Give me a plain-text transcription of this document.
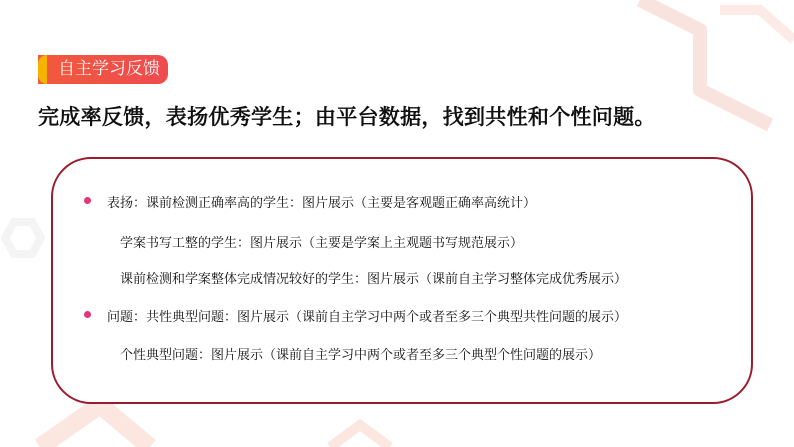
自主学习反馈
完成率反馈，表扬优秀学生；由平台数据，找到共性和个性问题。
表扬：课前检测正确率高的学生：图片展示（主要是客观题正确率高统计）
学案书写工整的学生：图片展示（主要是学案上主观题书写规范展示）
课前检测和学案整体完成情况较好的学生：图片展示（课前自主学习整体完成优秀展示）
问题：共性典型问题：图片展示（课前自主学习中两个或者至多三个典型共性问题的展示）
个性典型问题：图片展示（课前自主学习中两个或者至多三个典型个性问题的展示）
